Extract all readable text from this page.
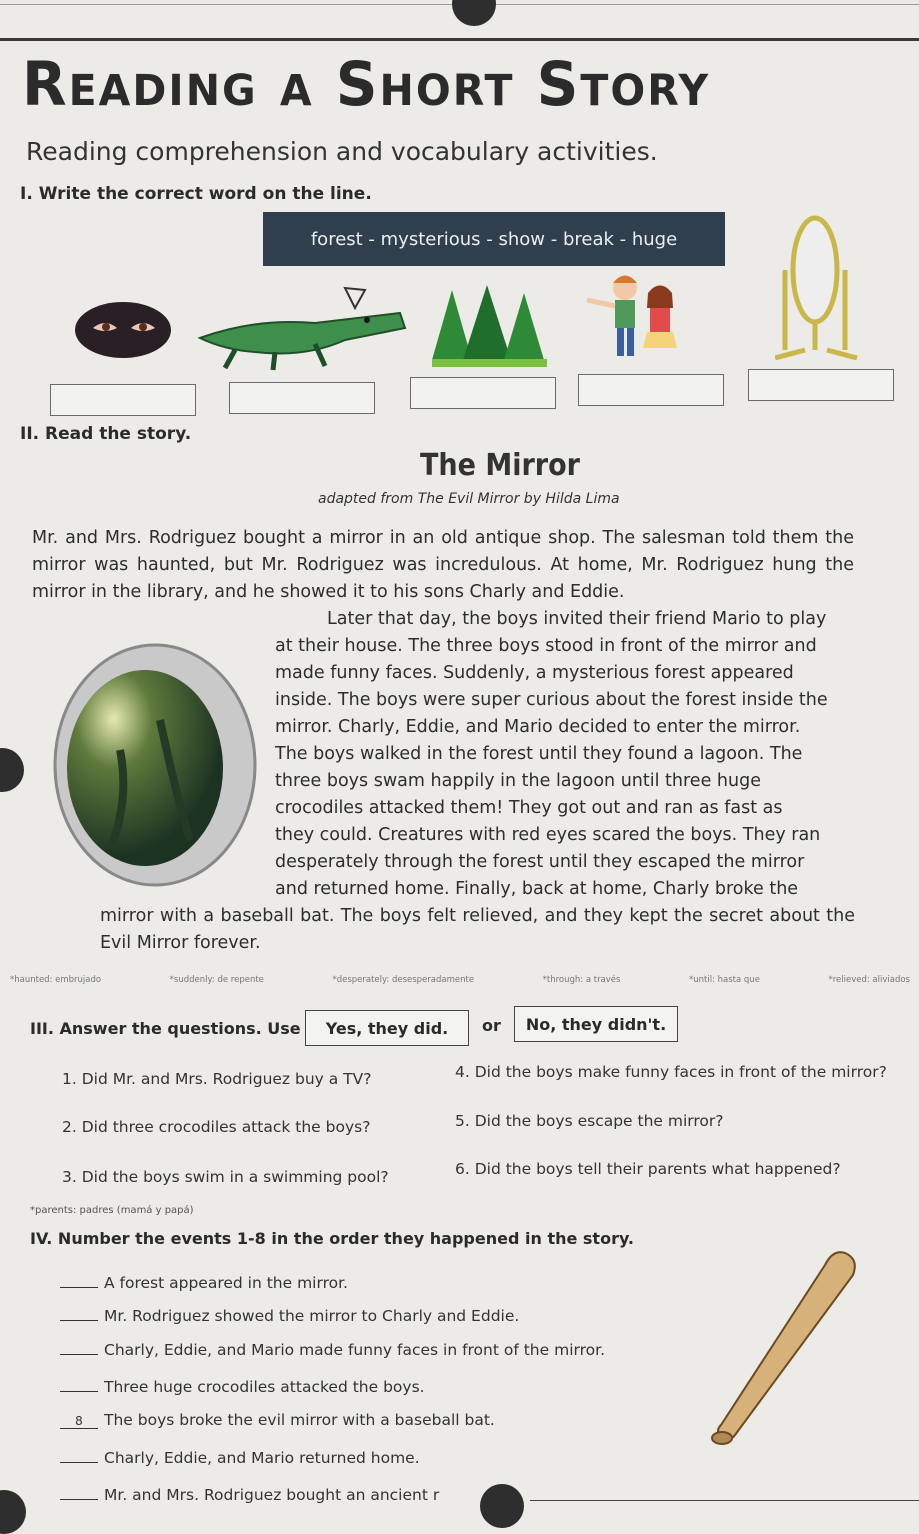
Reading a Short Story
Reading comprehension and vocabulary activities.
I. Write the correct word on the line.
forest - mysterious - show - break - huge
II. Read the story.
The Mirror
adapted from The Evil Mirror by Hilda Lima
Mr. and Mrs. Rodriguez bought a mirror in an old antique shop. The salesman told them the mirror was haunted, but Mr. Rodriguez was incredulous. At home, Mr. Rodriguez hung the mirror in the library, and he showed it to his sons Charly and Eddie.
Later that day, the boys invited their friend Mario to play
at their house. The three boys stood in front of the mirror and
made funny faces. Suddenly, a mysterious forest appeared
inside. The boys were super curious about the forest inside the
mirror. Charly, Eddie, and Mario decided to enter the mirror.
The boys walked in the forest until they found a lagoon. The
three boys swam happily in the lagoon until three huge
crocodiles attacked them! They got out and ran as fast as
they could. Creatures with red eyes scared the boys. They ran
desperately through the forest until they escaped the mirror
and returned home. Finally, back at home, Charly broke the
mirror with a baseball bat. The boys felt relieved, and they kept the secret about the Evil Mirror forever.
*haunted: embrujado	*suddenly: de repente	*desperately: desesperadamente	*through: a través	*until: hasta que	*relieved: aliviados
III. Answer the questions. Use	Yes, they did.	or	No, they didn't.
1. Did Mr. and Mrs. Rodriguez buy a TV?
2. Did three crocodiles attack the boys?
3. Did the boys swim in a swimming pool?
4. Did the boys make funny faces in front of the mirror?
5. Did the boys escape the mirror?
6. Did the boys tell their parents what happened?
*parents: padres (mamá y papá)
IV. Number the events 1-8 in the order they happened in the story.
A forest appeared in the mirror.
Mr. Rodriguez showed the mirror to Charly and Eddie.
Charly, Eddie, and Mario made funny faces in front of the mirror.
Three huge crocodiles attacked the boys.
8 The boys broke the evil mirror with a baseball bat.
Charly, Eddie, and Mario returned home.
Mr. and Mrs. Rodriguez bought an ancient r
